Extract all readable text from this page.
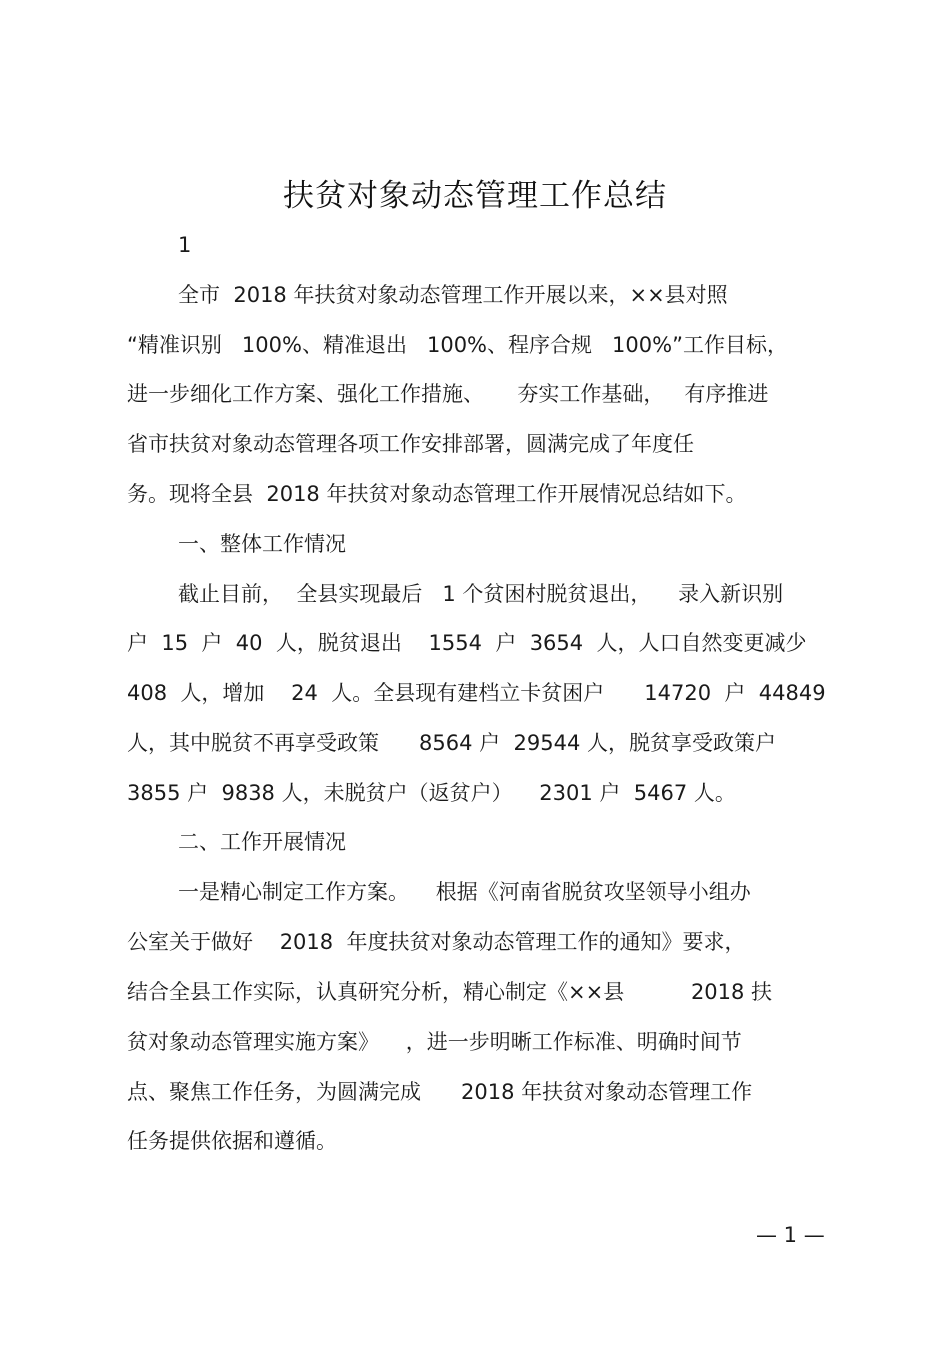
扶贫对象动态管理工作总结
1
全市  2018 年扶贫对象动态管理工作开展以来，××县对照
“精准识别   100%、精准退出   100%、程序合规   100%”工作目标，
进一步细化工作方案、强化工作措施、     夯实工作基础，   有序推进
省市扶贫对象动态管理各项工作安排部署，圆满完成了年度任
务。现将全县  2018 年扶贫对象动态管理工作开展情况总结如下。
一、整体工作情况
截止目前，  全县实现最后   1 个贫困村脱贫退出，    录入新识别
户  15  户  40  人，脱贫退出    1554  户  3654  人，人口自然变更减少
408  人，增加    24  人。全县现有建档立卡贫困户      14720  户  44849
人，其中脱贫不再享受政策      8564 户  29544 人，脱贫享受政策户
3855 户  9838 人，未脱贫户（返贫户）    2301 户  5467 人。
二、工作开展情况
一是精心制定工作方案。    根据《河南省脱贫攻坚领导小组办
公室关于做好    2018  年度扶贫对象动态管理工作的通知》要求，
结合全县工作实际，认真研究分析，精心制定《××县          2018 扶
贫对象动态管理实施方案》    ，进一步明晰工作标准、明确时间节
点、聚焦工作任务，为圆满完成      2018 年扶贫对象动态管理工作
任务提供依据和遵循。
— 1 —
